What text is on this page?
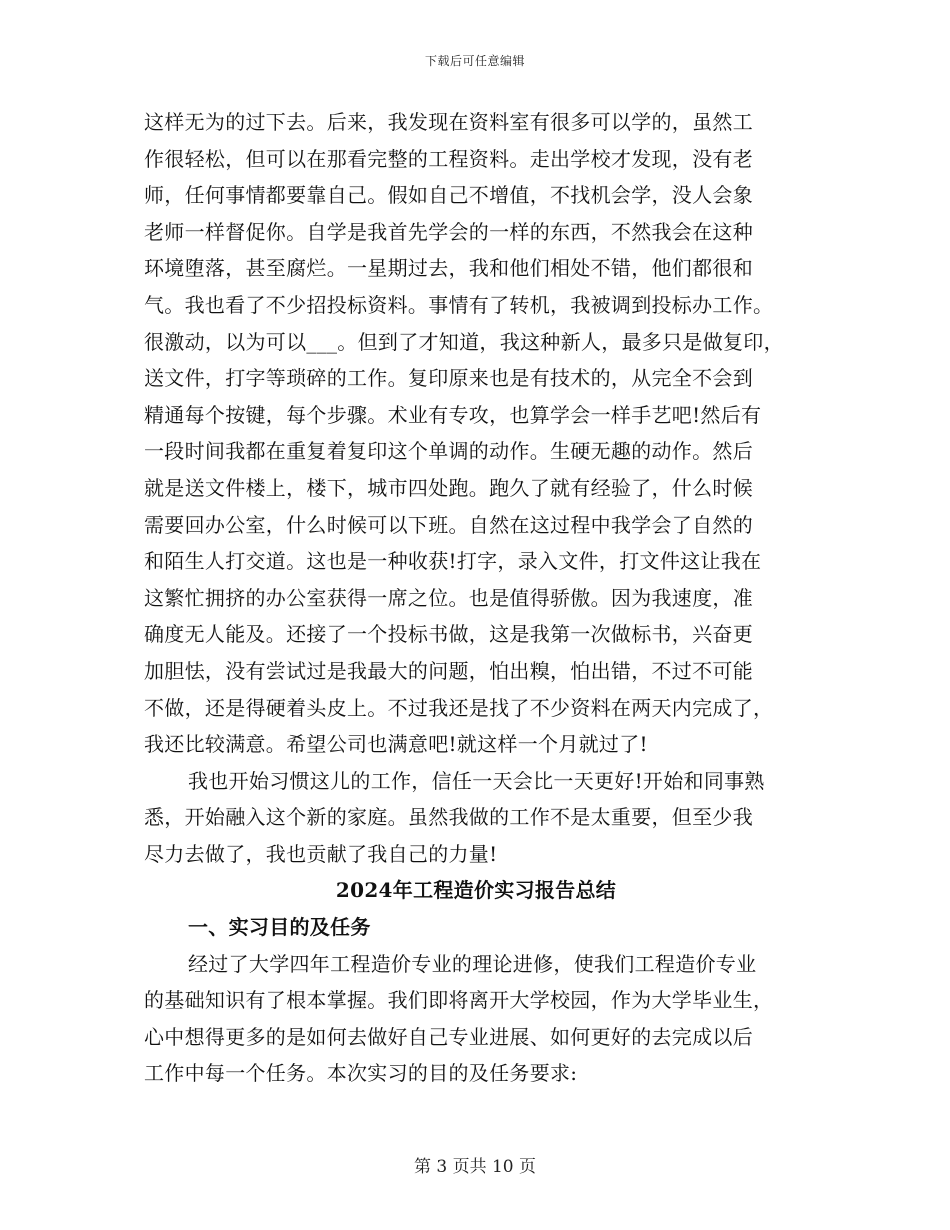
下载后可任意编辑
这样无为的过下去。后来，我发现在资料室有很多可以学的，虽然工
作很轻松，但可以在那看完整的工程资料。走出学校才发现，没有老
师，任何事情都要靠自己。假如自己不增值，不找机会学，没人会象
老师一样督促你。自学是我首先学会的一样的东西，不然我会在这种
环境堕落，甚至腐烂。一星期过去，我和他们相处不错，他们都很和
气。我也看了不少招投标资料。事情有了转机，我被调到投标办工作。
很激动，以为可以___。但到了才知道，我这种新人，最多只是做复印，
送文件，打字等琐碎的工作。复印原来也是有技术的，从完全不会到
精通每个按键，每个步骤。术业有专攻，也算学会一样手艺吧!然后有
一段时间我都在重复着复印这个单调的动作。生硬无趣的动作。然后
就是送文件楼上，楼下，城市四处跑。跑久了就有经验了，什么时候
需要回办公室，什么时候可以下班。自然在这过程中我学会了自然的
和陌生人打交道。这也是一种收获!打字，录入文件，打文件这让我在
这繁忙拥挤的办公室获得一席之位。也是值得骄傲。因为我速度，准
确度无人能及。还接了一个投标书做，这是我第一次做标书，兴奋更
加胆怯，没有尝试过是我最大的问题，怕出糗，怕出错，不过不可能
不做，还是得硬着头皮上。不过我还是找了不少资料在两天内完成了，
我还比较满意。希望公司也满意吧!就这样一个月就过了!
我也开始习惯这儿的工作，信任一天会比一天更好!开始和同事熟
悉，开始融入这个新的家庭。虽然我做的工作不是太重要，但至少我
尽力去做了，我也贡献了我自己的力量!
2024年工程造价实习报告总结
一、实习目的及任务
经过了大学四年工程造价专业的理论进修，使我们工程造价专业
的基础知识有了根本掌握。我们即将离开大学校园，作为大学毕业生，
心中想得更多的是如何去做好自己专业进展、如何更好的去完成以后
工作中每一个任务。本次实习的目的及任务要求:
第 3 页共 10 页
